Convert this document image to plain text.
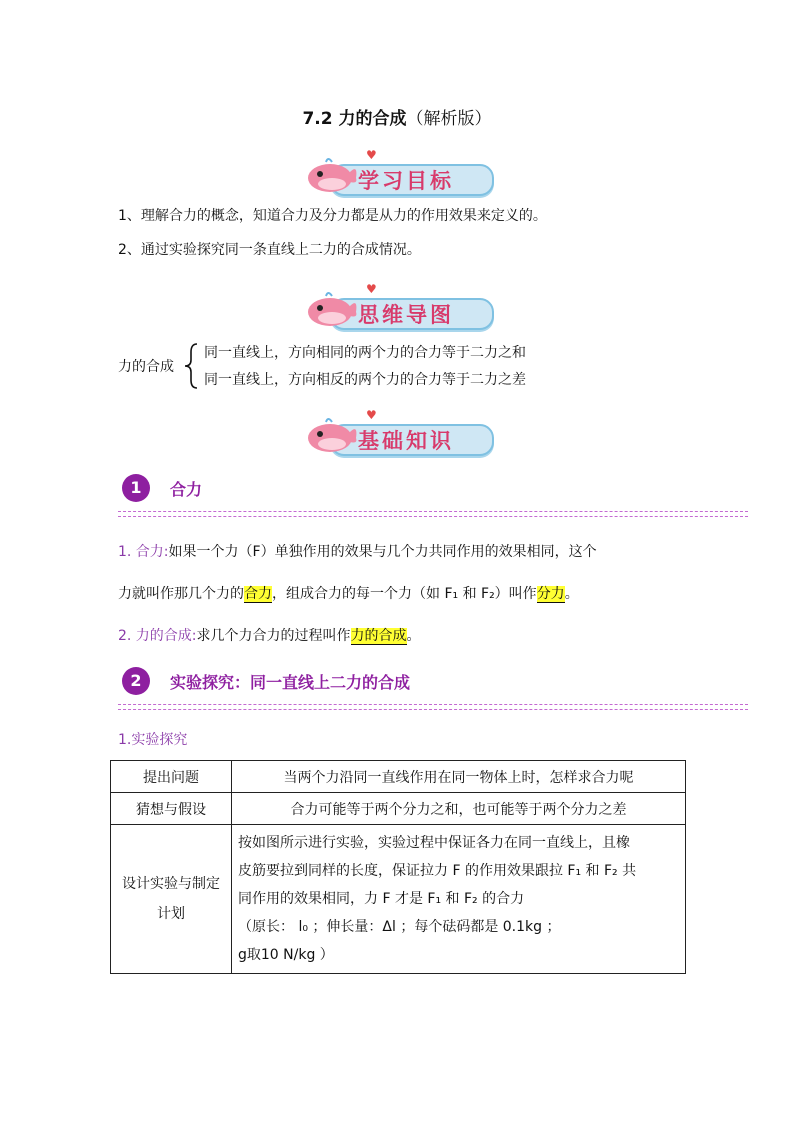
7.2 力的合成（解析版）
♥
学习目标
1、理解合力的概念，知道合力及分力都是从力的作用效果来定义的。
2、通过实验探究同一条直线上二力的合成情况。
♥
思维导图
力的合成
同一直线上，方向相同的两个力的合力等于二力之和
同一直线上，方向相反的两个力的合力等于二力之差
♥
基础知识
1	合力
1. 合力:如果一个力（F）单独作用的效果与几个力共同作用的效果相同，这个
力就叫作那几个力的合力，组成合力的每一个力（如 F₁ 和 F₂）叫作分力。
2. 力的合成:求几个力合力的过程叫作力的合成。
2	实验探究：同一直线上二力的合成
1.实验探究
提出问题	当两个力沿同一直线作用在同一物体上时，怎样求合力呢
猜想与假设	合力可能等于两个分力之和，也可能等于两个分力之差
设计实验与制定计划	按如图所示进行实验，实验过程中保证各力在同一直线上，且橡
皮筋要拉到同样的长度，保证拉力 F 的作用效果跟拉 F₁ 和 F₂ 共
同作用的效果相同，力 F 才是 F₁ 和 F₂ 的合力
（原长： l₀ ；伸长量：Δl ；每个砝码都是 0.1kg ；
g取10 N/kg ）
